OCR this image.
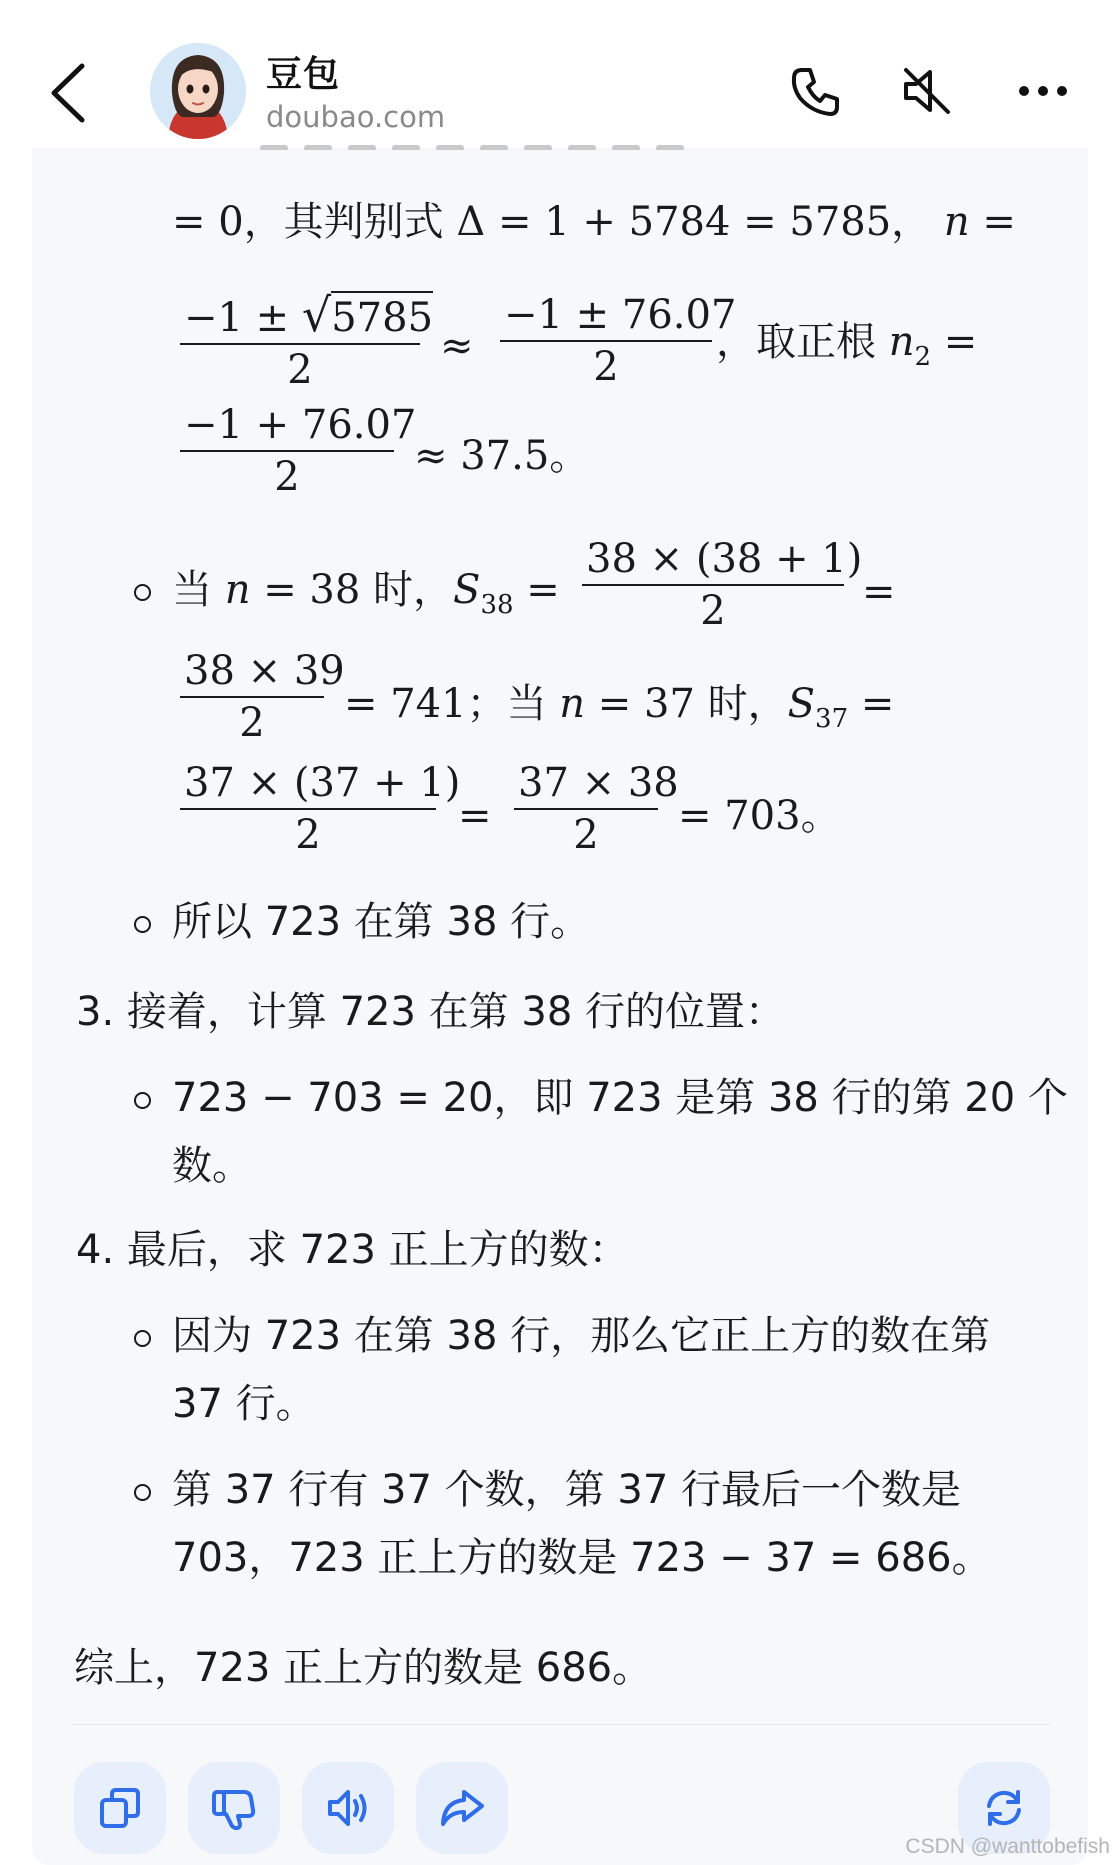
豆包
doubao.com
= 0，其判别式 Δ = 1 + 5784 = 5785， n =
−1 ± √5785
2
≈
−1 ± 76.07
2
，取正根 $n_2$ =
−1 + 76.07
2	≈ 37.5。
当 n = 38 时，$S_{38}$ =
38 × (38 + 1)
2	=
38 × 39
2	= 741；当 n = 37 时，$S_{37}$ =
37 × (37 + 1)
2	=
37 × 38
2	= 703。
所以 723 在第 38 行。
3. 接着，计算 723 在第 38 行的位置：
723 − 703 = 20，即 723 是第 38 行的第 20 个
数。
4. 最后，求 723 正上方的数：
因为 723 在第 38 行，那么它正上方的数在第
37 行。
第 37 行有 37 个数，第 37 行最后一个数是
703，723 正上方的数是 723 − 37 = 686。
综上，723 正上方的数是 686。
CSDN @wanttobefish
